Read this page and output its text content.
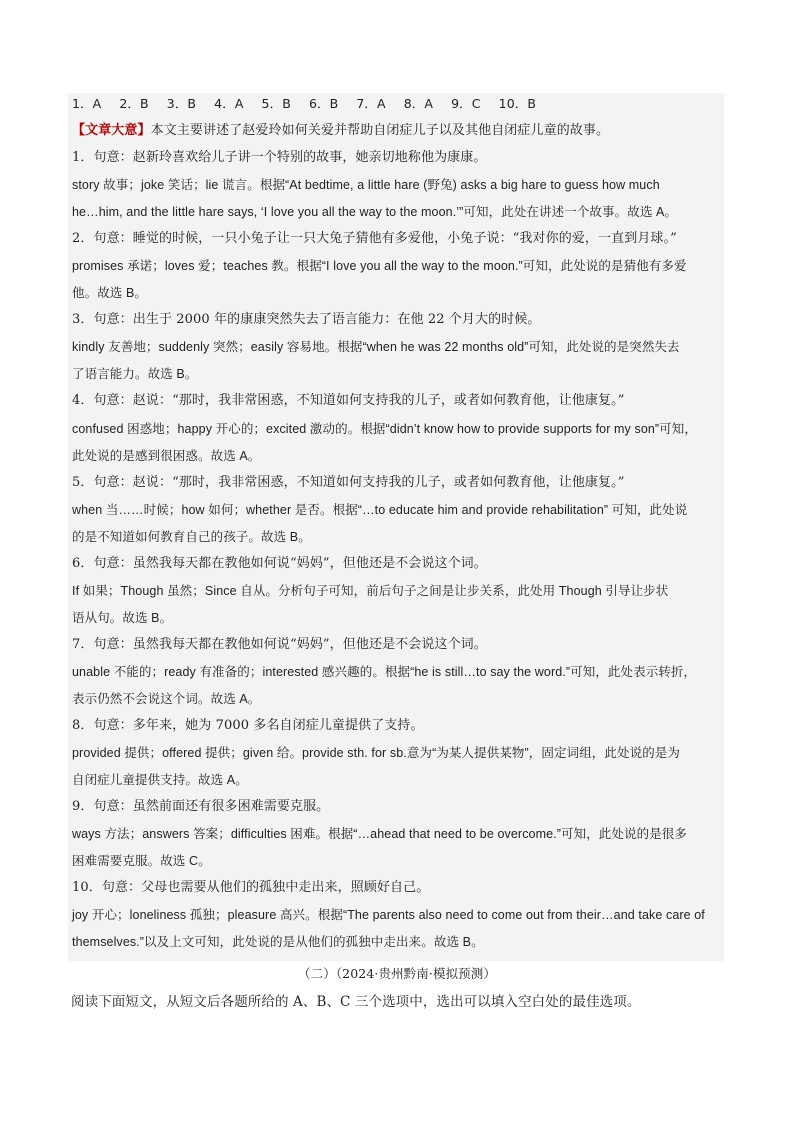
1．A 2．B 3．B 4．A 5．B 6．B 7．A 8．A 9．C 10．B
【文章大意】本文主要讲述了赵爱玲如何关爱并帮助自闭症儿子以及其他自闭症儿童的故事。
1．句意：赵新玲喜欢给儿子讲一个特别的故事，她亲切地称他为康康。
story 故事；joke 笑话；lie 谎言。根据“At bedtime, a little hare (野兔) asks a big hare to guess how much
he…him, and the little hare says, ‘I love you all the way to the moon.’”可知，此处在讲述一个故事。故选 A。
2．句意：睡觉的时候，一只小兔子让一只大兔子猜他有多爱他，小兔子说：“我对你的爱，一直到月球。”
promises 承诺；loves 爱；teaches 教。根据“I love you all the way to the moon.”可知，此处说的是猜他有多爱
他。故选 B。
3．句意：出生于 2000 年的康康突然失去了语言能力：在他 22 个月大的时候。
kindly 友善地；suddenly 突然；easily 容易地。根据“when he was 22 months old”可知，此处说的是突然失去
了语言能力。故选 B。
4．句意：赵说：“那时，我非常困惑，不知道如何支持我的儿子，或者如何教育他，让他康复。”
confused 困惑地；happy 开心的；excited 激动的。根据“didn’t know how to provide supports for my son”可知，
此处说的是感到很困惑。故选 A。
5．句意：赵说：“那时，我非常困惑，不知道如何支持我的儿子，或者如何教育他，让他康复。”
when 当……时候；how 如何；whether 是否。根据“…to educate him and provide rehabilitation” 可知，此处说
的是不知道如何教育自己的孩子。故选 B。
6．句意：虽然我每天都在教他如何说“妈妈”，但他还是不会说这个词。
If 如果；Though 虽然；Since 自从。分析句子可知，前后句子之间是让步关系，此处用 Though 引导让步状
语从句。故选 B。
7．句意：虽然我每天都在教他如何说“妈妈”，但他还是不会说这个词。
unable 不能的；ready 有准备的；interested 感兴趣的。根据“he is still…to say the word.”可知，此处表示转折，
表示仍然不会说这个词。故选 A。
8．句意：多年来，她为 7000 多名自闭症儿童提供了支持。
provided 提供；offered 提供；given 给。provide sth. for sb.意为“为某人提供某物”，固定词组，此处说的是为
自闭症儿童提供支持。故选 A。
9．句意：虽然前面还有很多困难需要克服。
ways 方法；answers 答案；difficulties 困难。根据“…ahead that need to be overcome.”可知，此处说的是很多
困难需要克服。故选 C。
10．句意：父母也需要从他们的孤独中走出来，照顾好自己。
joy 开心；loneliness 孤独；pleasure 高兴。根据“The parents also need to come out from their…and take care of
themselves.”以及上文可知，此处说的是从他们的孤独中走出来。故选 B。
（二）（2024·贵州黔南·模拟预测）
阅读下面短文，从短文后各题所给的 A、B、C 三个选项中，选出可以填入空白处的最佳选项。
